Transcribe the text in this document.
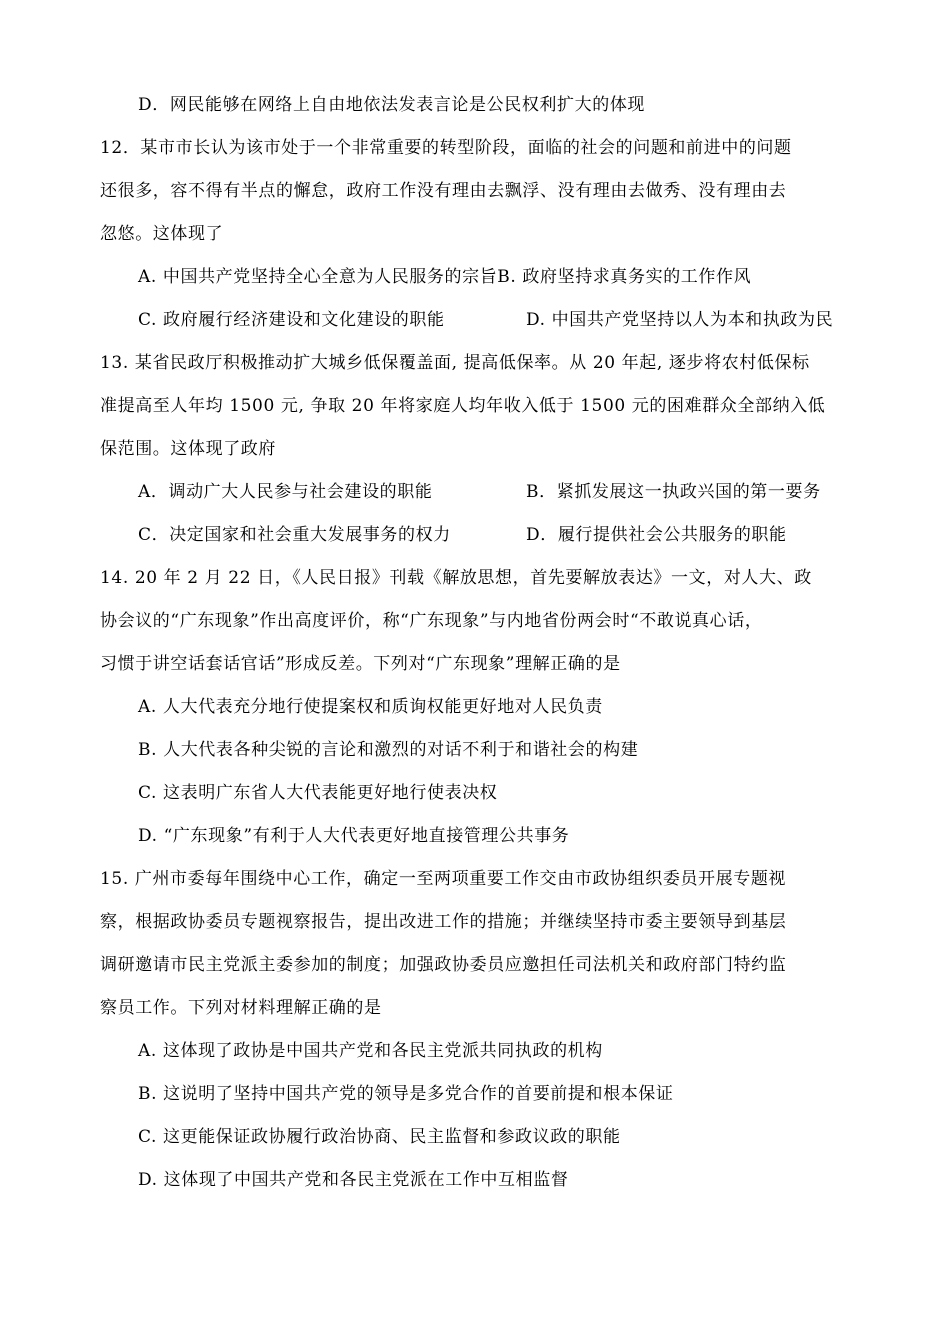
D．网民能够在网络上自由地依法发表言论是公民权利扩大的体现
12．某市市长认为该市处于一个非常重要的转型阶段，面临的社会的问题和前进中的问题
还很多，容不得有半点的懈怠，政府工作没有理由去飘浮、没有理由去做秀、没有理由去
忽悠。这体现了
A. 中国共产党坚持全心全意为人民服务的宗旨 B. 政府坚持求真务实的工作作风
C. 政府履行经济建设和文化建设的职能	D. 中国共产党坚持以人为本和执政为民
13. 某省民政厅积极推动扩大城乡低保覆盖面, 提高低保率。从 20 年起, 逐步将农村低保标
准提高至人年均 1500 元, 争取 20 年将家庭人均年收入低于 1500 元的困难群众全部纳入低
保范围。这体现了政府
A．调动广大人民参与社会建设的职能	B．紧抓发展这一执政兴国的第一要务
C．决定国家和社会重大发展事务的权力	D．履行提供社会公共服务的职能
14. 20 年 2 月 22 日，《人民日报》刊载《解放思想，首先要解放表达》一文，对人大、政
协会议的“广东现象”作出高度评价，称“广东现象”与内地省份两会时“不敢说真心话，
习惯于讲空话套话官话”形成反差。下列对“广东现象”理解正确的是
A. 人大代表充分地行使提案权和质询权能更好地对人民负责
B. 人大代表各种尖锐的言论和激烈的对话不利于和谐社会的构建
C. 这表明广东省人大代表能更好地行使表决权
D. “广东现象”有利于人大代表更好地直接管理公共事务
15. 广州市委每年围绕中心工作，确定一至两项重要工作交由市政协组织委员开展专题视
察，根据政协委员专题视察报告，提出改进工作的措施；并继续坚持市委主要领导到基层
调研邀请市民主党派主委参加的制度；加强政协委员应邀担任司法机关和政府部门特约监
察员工作。下列对材料理解正确的是
A. 这体现了政协是中国共产党和各民主党派共同执政的机构
B. 这说明了坚持中国共产党的领导是多党合作的首要前提和根本保证
C. 这更能保证政协履行政治协商、民主监督和参政议政的职能
D. 这体现了中国共产党和各民主党派在工作中互相监督
